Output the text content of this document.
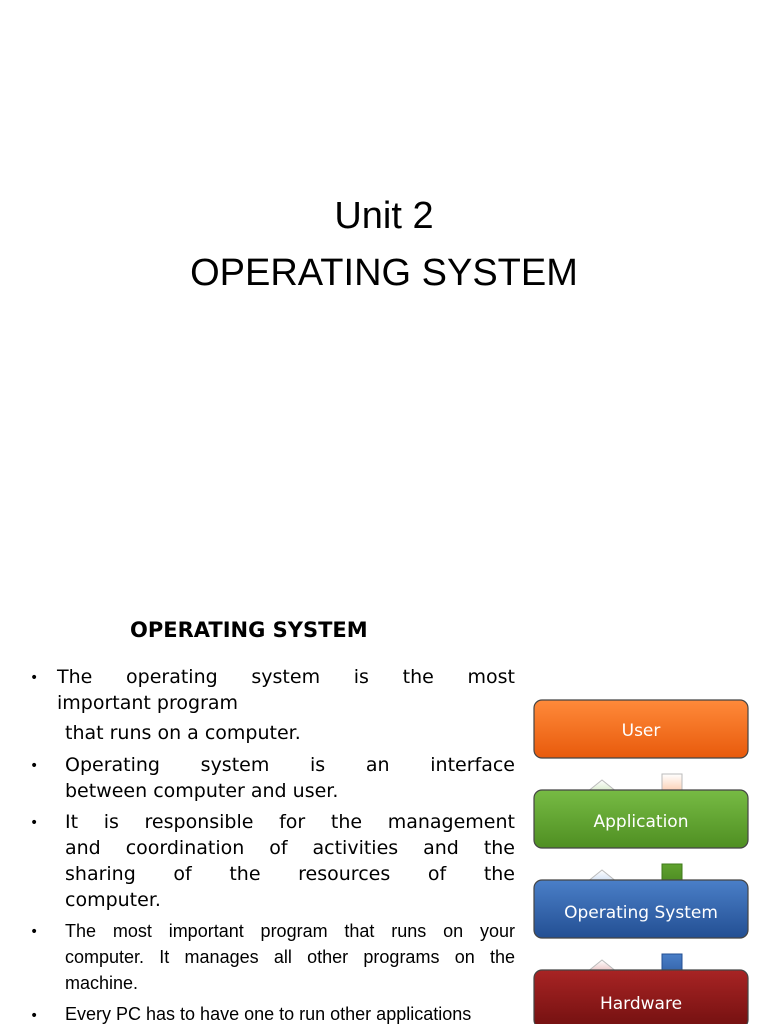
Unit 2
OPERATING SYSTEM
OPERATING SYSTEM
• The operating system is the most
important program
that runs on a computer.
• Operating system is an interface
between computer and user.
• It is responsible for the management
and coordination of activities and the
sharing of the resources of the
computer.
• The most important program that runs on your
computer. It manages all other programs on the
machine.
• Every PC has to have one to run other applications
User
Application
Operating System
Hardware
